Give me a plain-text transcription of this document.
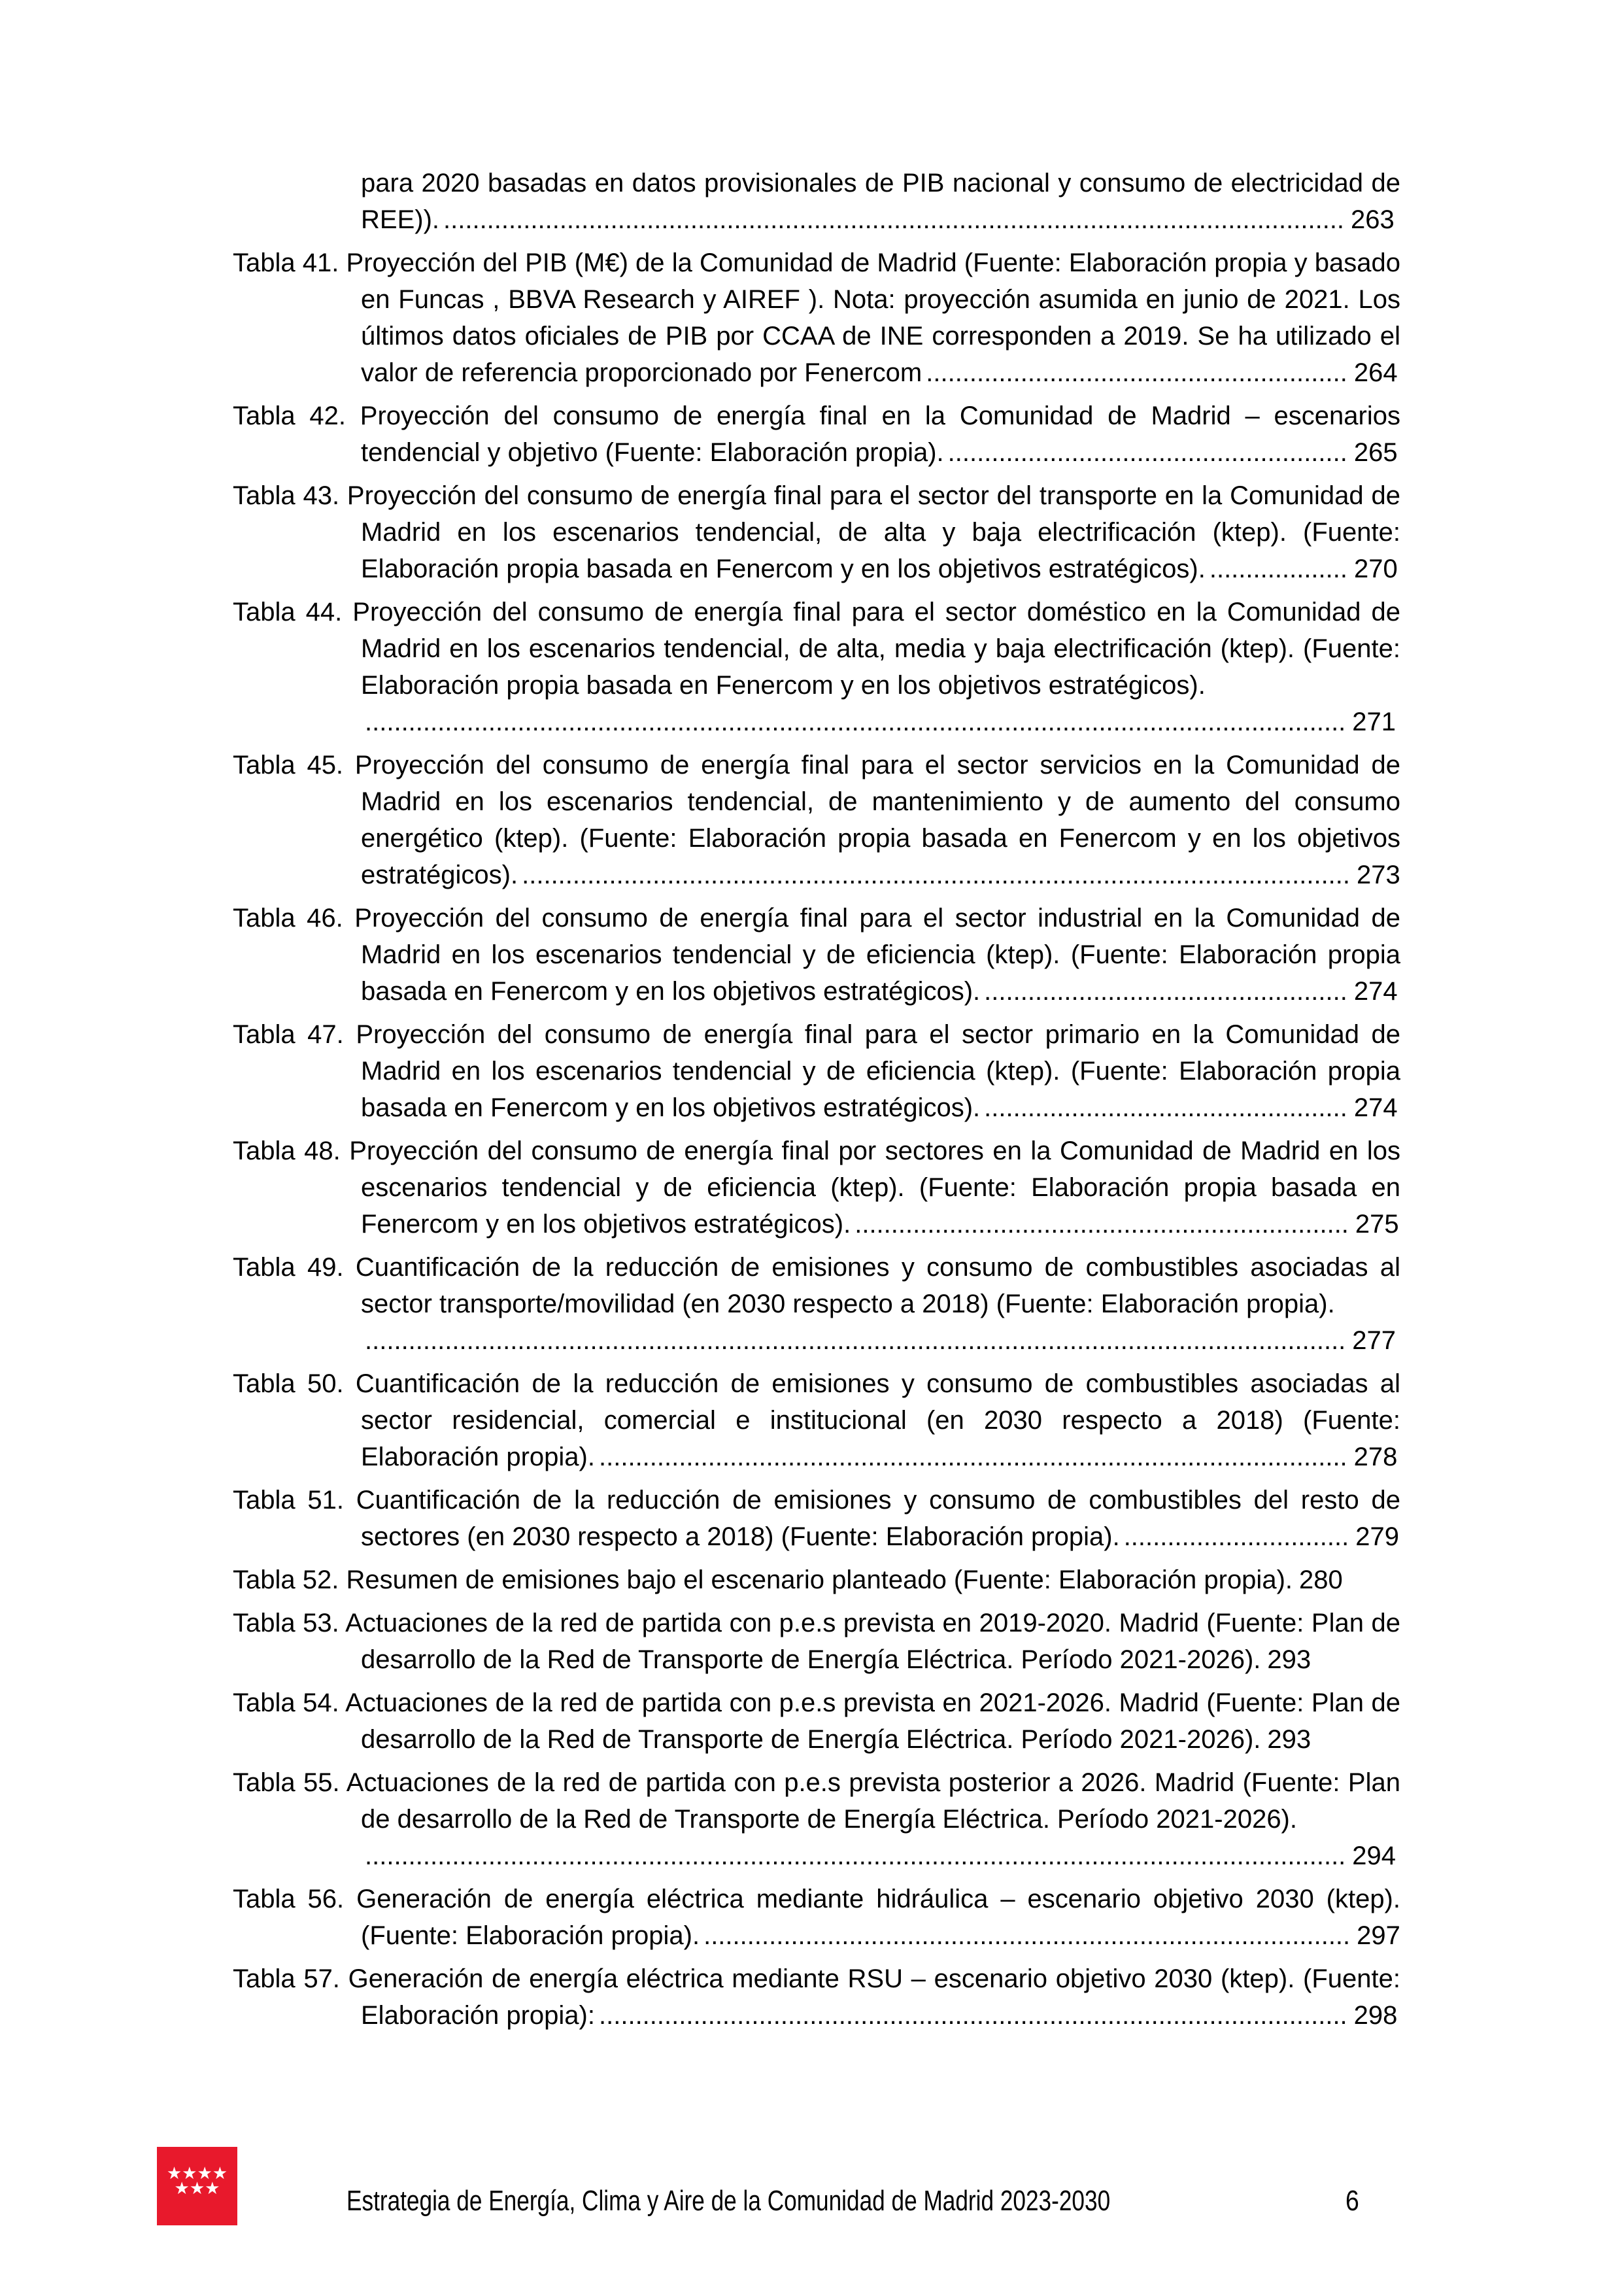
para 2020 basadas en datos provisionales de PIB nacional y consumo de electricidad de REE)). ............................................................................................................................ 263

Tabla 41. Proyección del PIB (M€) de la Comunidad de Madrid (Fuente: Elaboración propia y basado en Funcas , BBVA Research y AIREF ). Nota: proyección asumida en junio de 2021. Los últimos datos oficiales de PIB por CCAA de INE corresponden a 2019. Se ha utilizado el valor de referencia proporcionado por Fenercom .......................................................... 264

Tabla 42. Proyección del consumo de energía final en la Comunidad de Madrid – escenarios tendencial y objetivo (Fuente: Elaboración propia). ....................................................... 265

Tabla 43. Proyección del consumo de energía final para el sector del transporte en la Comunidad de Madrid en los escenarios tendencial, de alta y baja electrificación (ktep). (Fuente: Elaboración propia basada en Fenercom y en los objetivos estratégicos). ................... 270

Tabla 44. Proyección del consumo de energía final para el sector doméstico en la Comunidad de Madrid en los escenarios tendencial, de alta, media y baja electrificación (ktep). (Fuente: Elaboración propia basada en Fenercom y en los objetivos estratégicos).
....................................................................................................................................... 271

Tabla 45. Proyección del consumo de energía final para el sector servicios en la Comunidad de Madrid en los escenarios tendencial, de mantenimiento y de aumento del consumo energético (ktep). (Fuente: Elaboración propia basada en Fenercom y en los objetivos estratégicos). .................................................................................................................. 273

Tabla 46. Proyección del consumo de energía final para el sector industrial en la Comunidad de Madrid en los escenarios tendencial y de eficiencia (ktep). (Fuente: Elaboración propia basada en Fenercom y en los objetivos estratégicos). .................................................. 274

Tabla 47. Proyección del consumo de energía final para el sector primario en la Comunidad de Madrid en los escenarios tendencial y de eficiencia (ktep). (Fuente: Elaboración propia basada en Fenercom y en los objetivos estratégicos). .................................................. 274

Tabla 48. Proyección del consumo de energía final por sectores en la Comunidad de Madrid en los escenarios tendencial y de eficiencia (ktep). (Fuente: Elaboración propia basada en Fenercom y en los objetivos estratégicos). .................................................................... 275

Tabla 49. Cuantificación de la reducción de emisiones y consumo de combustibles asociadas al sector transporte/movilidad (en 2030 respecto a 2018) (Fuente: Elaboración propia).
....................................................................................................................................... 277

Tabla 50. Cuantificación de la reducción de emisiones y consumo de combustibles asociadas al sector residencial, comercial e institucional (en 2030 respecto a 2018) (Fuente: Elaboración propia). ....................................................................................................... 278

Tabla 51. Cuantificación de la reducción de emisiones y consumo de combustibles del resto de sectores (en 2030 respecto a 2018) (Fuente: Elaboración propia). ............................... 279

Tabla 52. Resumen de emisiones bajo el escenario planteado (Fuente: Elaboración propia). 280

Tabla 53. Actuaciones de la red de partida con p.e.s prevista en 2019-2020. Madrid (Fuente: Plan de desarrollo de la Red de Transporte de Energía Eléctrica. Período 2021-2026). 293

Tabla 54. Actuaciones de la red de partida con p.e.s prevista en 2021-2026. Madrid (Fuente: Plan de desarrollo de la Red de Transporte de Energía Eléctrica. Período 2021-2026). 293

Tabla 55. Actuaciones de la red de partida con p.e.s prevista posterior a 2026. Madrid (Fuente: Plan de desarrollo de la Red de Transporte de Energía Eléctrica. Período 2021-2026).
....................................................................................................................................... 294

Tabla 56. Generación de energía eléctrica mediante hidráulica – escenario objetivo 2030 (ktep). (Fuente: Elaboración propia). ......................................................................................... 297

Tabla 57. Generación de energía eléctrica mediante RSU – escenario objetivo 2030 (ktep). (Fuente: Elaboración propia): ....................................................................................................... 298

★★★★
★★★	Estrategia de Energía, Clima y Aire de la Comunidad de Madrid 2023-2030	6
